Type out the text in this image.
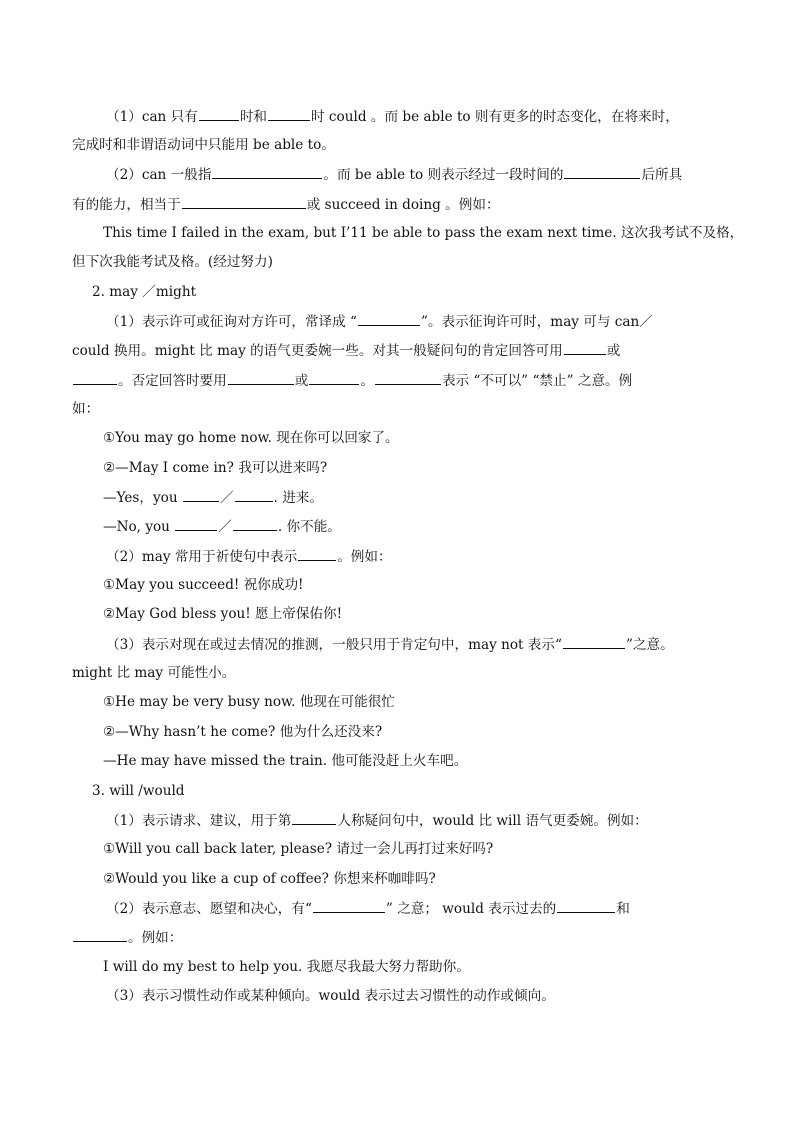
（1）can 只有	时和	时 could 。而 be able to 则有更多的时态变化，在将来时，
完成时和非谓语动词中只能用 be able to。
（2）can 一般指	。而 be able to 则表示经过一段时间的	后所具
有的能力，相当于	或 succeed in doing 。例如：
This time I failed in the exam, but I’11 be able to pass the exam next time. 这次我考试不及格，
但下次我能考试及格。(经过努力)
2. may ／might
（1）表示许可或征询对方许可，常译成 “	”。表示征询许可时，may 可与 can／
could 换用。might 比 may 的语气更委婉一些。对其一般疑问句的肯定回答可用	或
。否定回答时要用	或	。	表示 “不可以” “禁止” 之意。例
如：
①You may go home now. 现在你可以回家了。
②—May I come in? 我可以进来吗?
—Yes，you	／	. 进来。
—No, you	／	. 你不能。
（2）may 常用于祈使句中表示	。例如：
①May you succeed! 祝你成功!
②May God bless you! 愿上帝保佑你!
（3）表示对现在或过去情况的推测，一般只用于肯定句中，may not 表示“	”之意。
might 比 may 可能性小。
①He may be very busy now. 他现在可能很忙
②—Why hasn’t he come? 他为什么还没来?
—He may have missed the train. 他可能没赶上火车吧。
3. will /would
（1）表示请求、建议，用于第	人称疑问句中，would 比 will 语气更委婉。例如：
①Will you call back later, please? 请过一会儿再打过来好吗?
②Would you like a cup of coffee? 你想来杯咖啡吗?
（2）表示意志、愿望和决心，有“	” 之意； would 表示过去的	和
。例如：
I will do my best to help you. 我愿尽我最大努力帮助你。
（3）表示习惯性动作或某种倾向。would 表示过去习惯性的动作或倾向。
